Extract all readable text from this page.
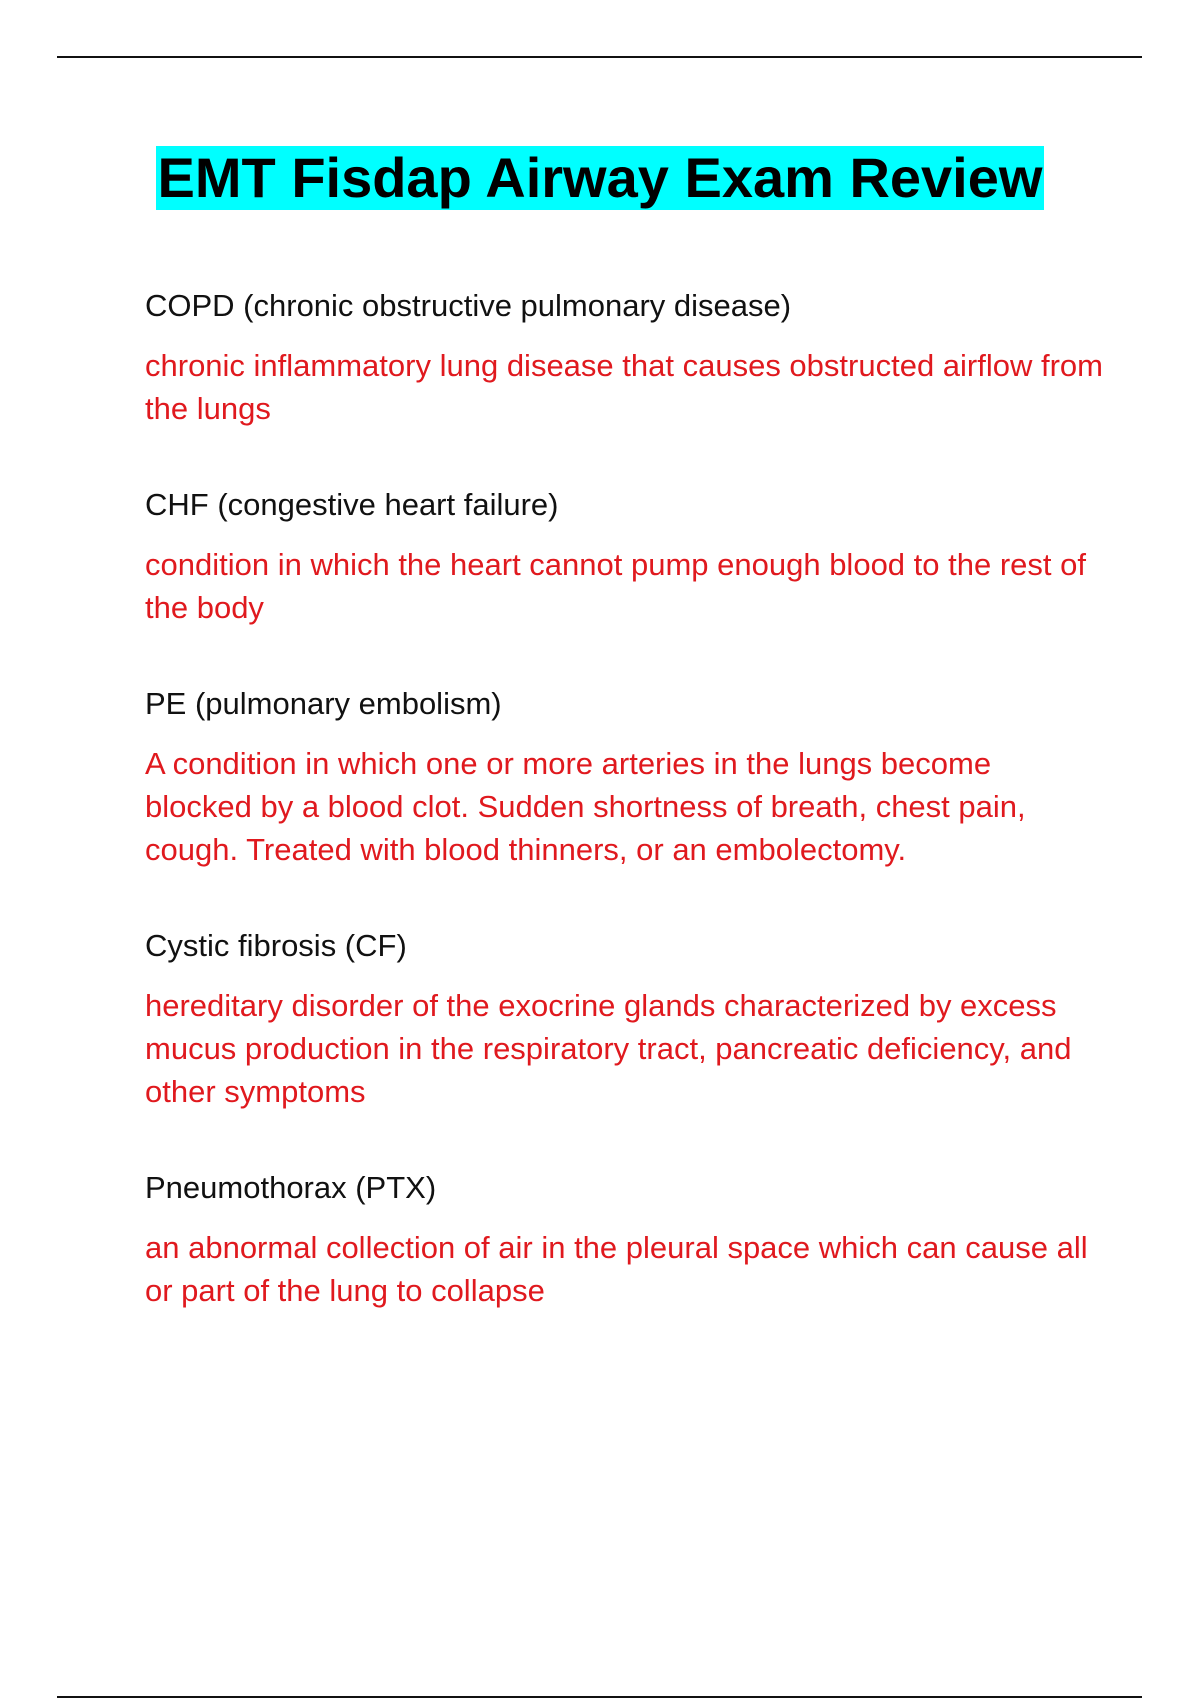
EMT Fisdap Airway Exam Review

COPD (chronic obstructive pulmonary disease)

chronic inflammatory lung disease that causes obstructed airflow from the lungs

CHF (congestive heart failure)

condition in which the heart cannot pump enough blood to the rest of the body

PE (pulmonary embolism)

A condition in which one or more arteries in the lungs become blocked by a blood clot. Sudden shortness of breath, chest pain, cough. Treated with blood thinners, or an embolectomy.

Cystic fibrosis (CF)

hereditary disorder of the exocrine glands characterized by excess mucus production in the respiratory tract, pancreatic deficiency, and other symptoms

Pneumothorax (PTX)

an abnormal collection of air in the pleural space which can cause all or part of the lung to collapse
